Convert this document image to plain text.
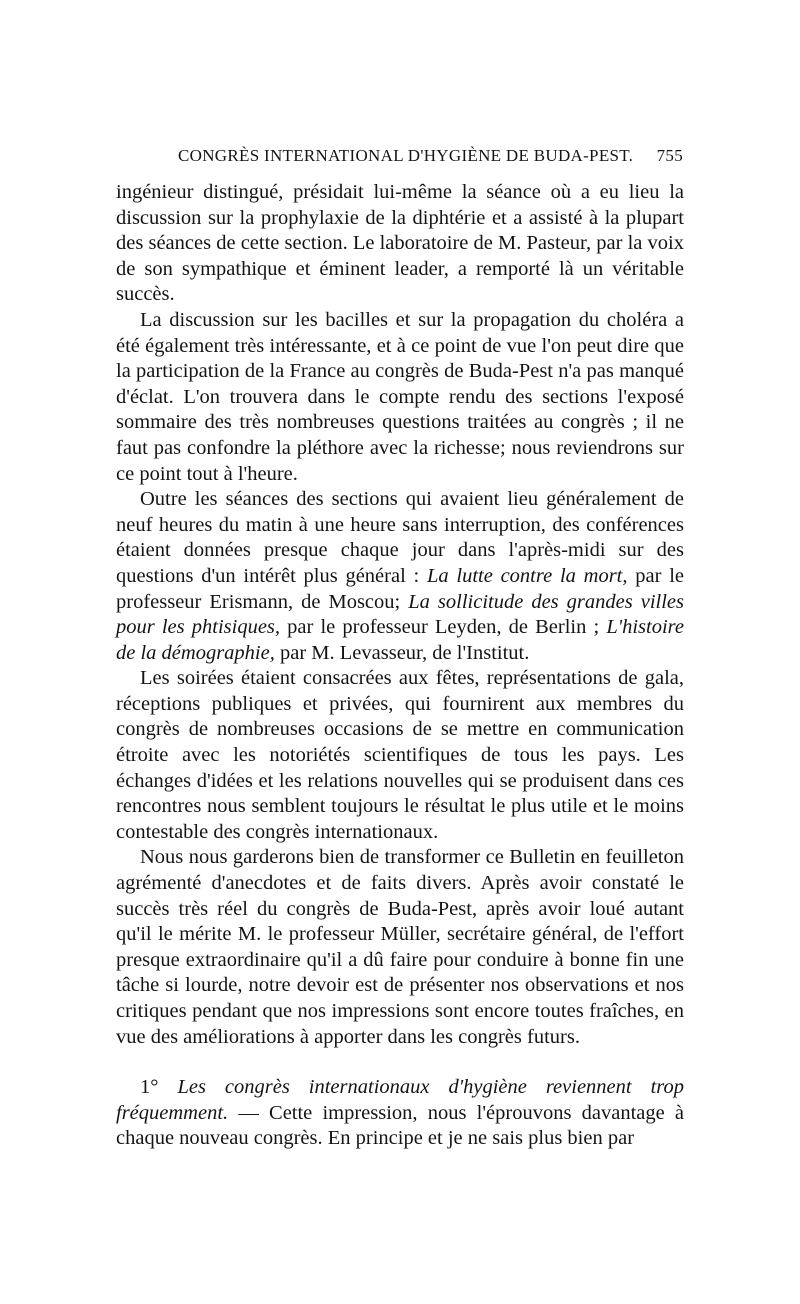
CONGRÈS INTERNATIONAL D'HYGIÈNE DE BUDA-PEST. 755

ingénieur distingué, présidait lui-même la séance où a eu lieu la discussion sur la prophylaxie de la diphtérie et a assisté à la plupart des séances de cette section. Le laboratoire de M. Pasteur, par la voix de son sympathique et éminent leader, a remporté là un véritable succès.

La discussion sur les bacilles et sur la propagation du choléra a été également très intéressante, et à ce point de vue l'on peut dire que la participation de la France au congrès de Buda-Pest n'a pas manqué d'éclat. L'on trouvera dans le compte rendu des sections l'exposé sommaire des très nombreuses questions traitées au congrès ; il ne faut pas confondre la pléthore avec la richesse; nous reviendrons sur ce point tout à l'heure.

Outre les séances des sections qui avaient lieu généralement de neuf heures du matin à une heure sans interruption, des conférences étaient données presque chaque jour dans l'après-midi sur des questions d'un intérêt plus général : La lutte contre la mort, par le professeur Erismann, de Moscou; La sollicitude des grandes villes pour les phtisiques, par le professeur Leyden, de Berlin ; L'histoire de la démographie, par M. Levasseur, de l'Institut.

Les soirées étaient consacrées aux fêtes, représentations de gala, réceptions publiques et privées, qui fournirent aux membres du congrès de nombreuses occasions de se mettre en communication étroite avec les notoriétés scientifiques de tous les pays. Les échanges d'idées et les relations nouvelles qui se produisent dans ces rencontres nous semblent toujours le résultat le plus utile et le moins contestable des congrès internationaux.

Nous nous garderons bien de transformer ce Bulletin en feuilleton agrémenté d'anecdotes et de faits divers. Après avoir constaté le succès très réel du congrès de Buda-Pest, après avoir loué autant qu'il le mérite M. le professeur Müller, secrétaire général, de l'effort presque extraordinaire qu'il a dû faire pour conduire à bonne fin une tâche si lourde, notre devoir est de présenter nos observations et nos critiques pendant que nos impressions sont encore toutes fraîches, en vue des améliorations à apporter dans les congrès futurs.

1° Les congrès internationaux d'hygiène reviennent trop fréquemment. — Cette impression, nous l'éprouvons davantage à chaque nouveau congrès. En principe et je ne sais plus bien par
